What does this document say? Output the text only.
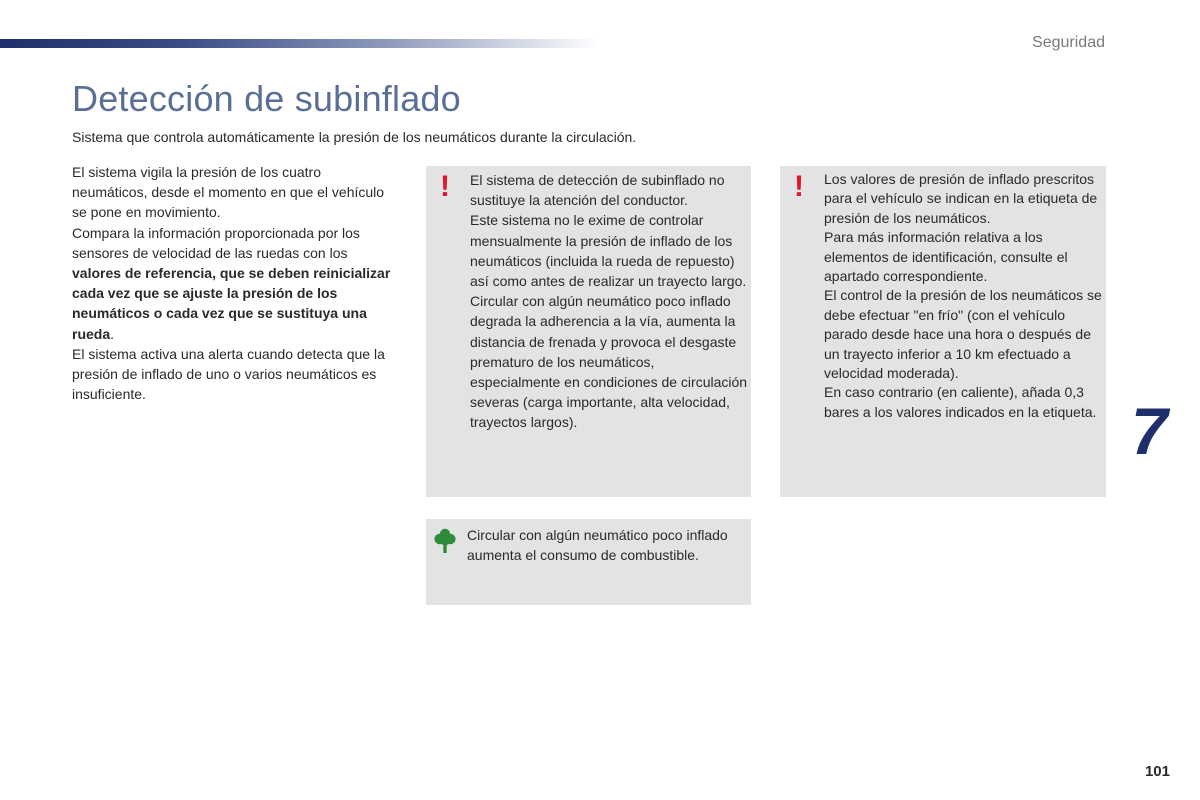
Seguridad
Detección de subinflado
Sistema que controla automáticamente la presión de los neumáticos durante la circulación.

El sistema vigila la presión de los cuatro neumáticos, desde el momento en que el vehículo se pone en movimiento.

Compara la información proporcionada por los sensores de velocidad de las ruedas con los valores de referencia, que se deben reinicializar cada vez que se ajuste la presión de los neumáticos o cada vez que se sustituya una rueda.

El sistema activa una alerta cuando detecta que la presión de inflado de uno o varios neumáticos es insuficiente.

! El sistema de detección de subinflado no sustituye la atención del conductor.

Este sistema no le exime de controlar mensualmente la presión de inflado de los neumáticos (incluida la rueda de repuesto) así como antes de realizar un trayecto largo.

Circular con algún neumático poco inflado degrada la adherencia a la vía, aumenta la distancia de frenada y provoca el desgaste prematuro de los neumáticos, especialmente en condiciones de circulación severas (carga importante, alta velocidad, trayectos largos).

! Los valores de presión de inflado prescritos para el vehículo se indican en la etiqueta de presión de los neumáticos.

Para más información relativa a los elementos de identificación, consulte el apartado correspondiente.

El control de la presión de los neumáticos se debe efectuar "en frío" (con el vehículo parado desde hace una hora o después de un trayecto inferior a 10 km efectuado a velocidad moderada).

En caso contrario (en caliente), añada 0,3 bares a los valores indicados en la etiqueta.

Circular con algún neumático poco inflado aumenta el consumo de combustible.
7
101
